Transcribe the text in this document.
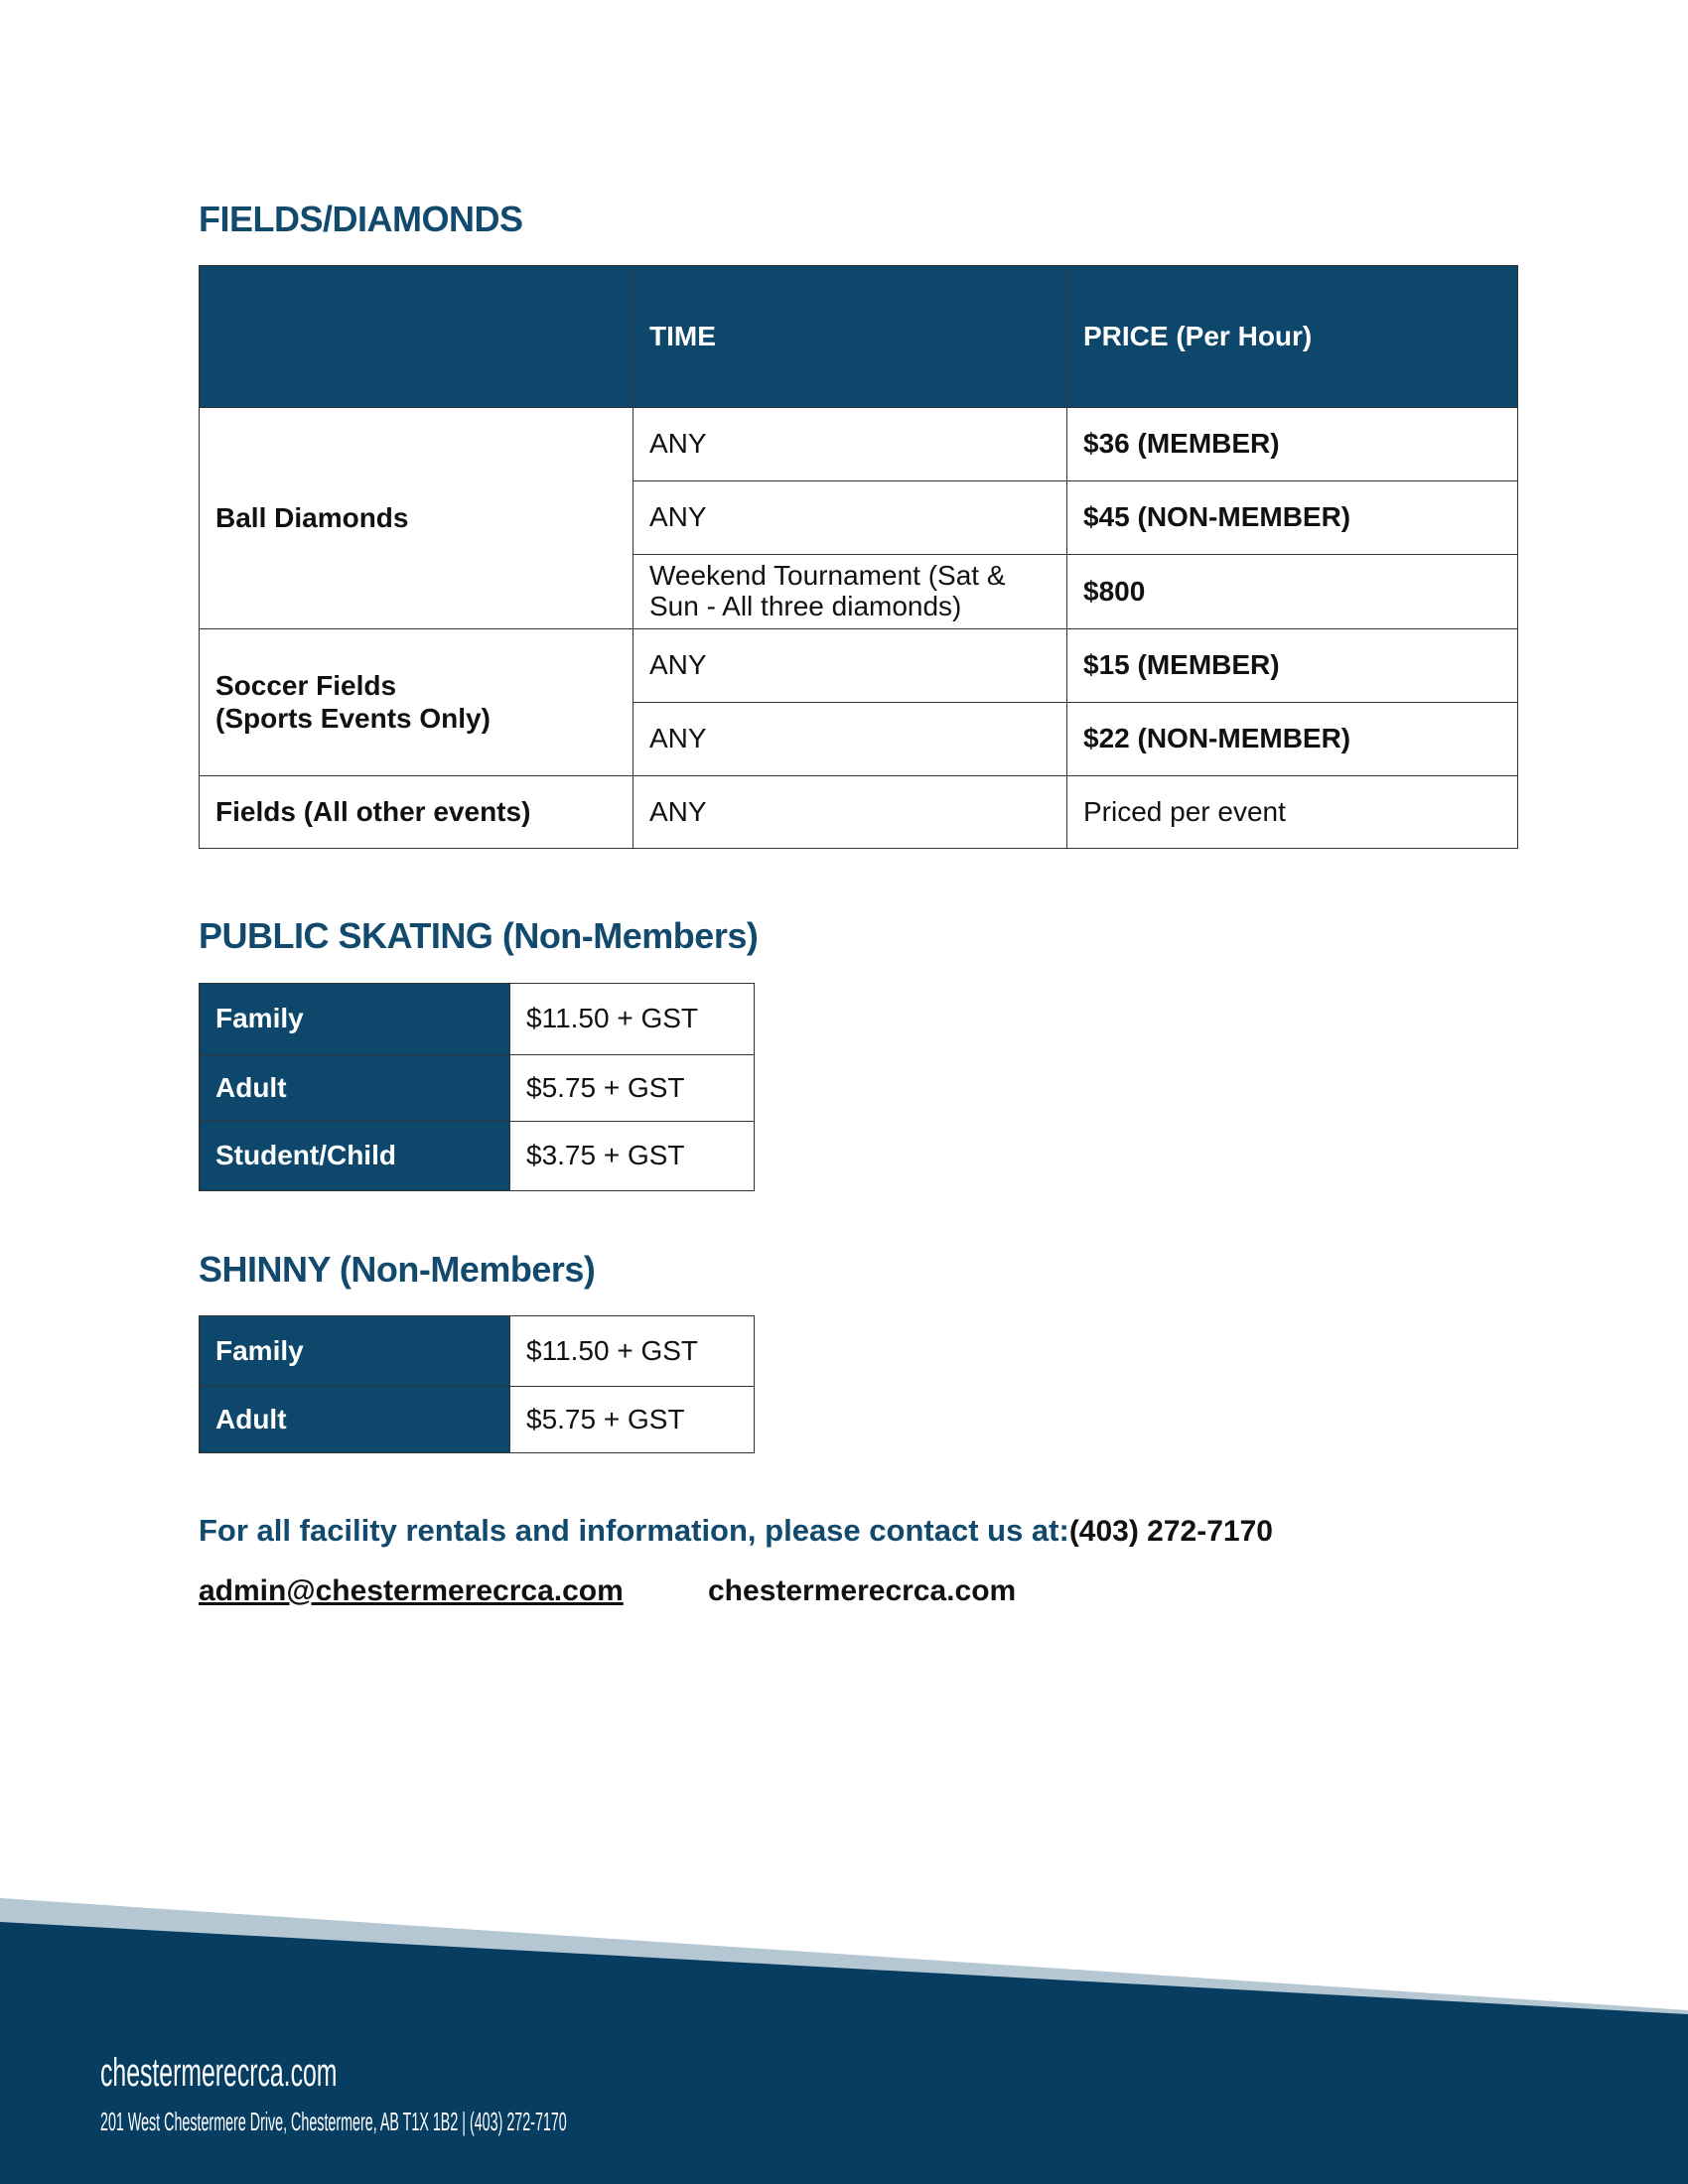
FIELDS/DIAMONDS
	TIME	PRICE (Per Hour)
Ball Diamonds	ANY	$36 (MEMBER)
	ANY	$45 (NON-MEMBER)
	Weekend Tournament (Sat & Sun - All three diamonds)	$800

Soccer Fields
(Sports Events Only)	ANY	$15 (MEMBER)
	ANY	$22 (NON-MEMBER)
Fields (All other events)	ANY	Priced per event
PUBLIC SKATING (Non-Members)
Family	$11.50 + GST
Adult	$5.75 + GST
Student/Child	$3.75 + GST
SHINNY (Non-Members)
Family	$11.50 + GST
Adult	$5.75 + GST
For all facility rentals and information, please contact us at:(403) 272-7170
admin@chestermerecrca.com	chestermerecrca.com
chestermerecrca.com
201 West Chestermere Drive, Chestermere, AB T1X 1B2 | (403) 272-7170
